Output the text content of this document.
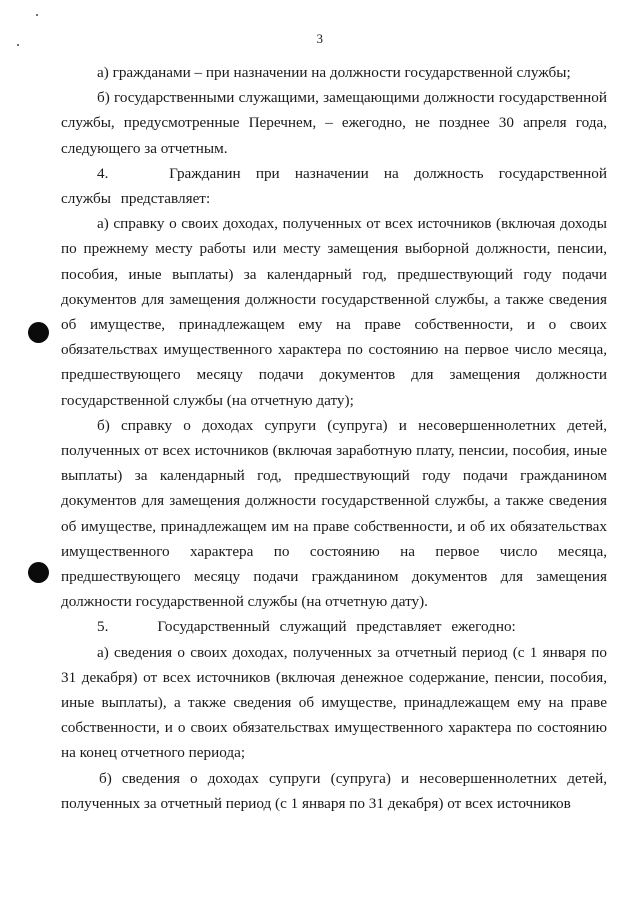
3

а) гражданами – при назначении на должности государственной службы;

б) государственными служащими, замещающими должности государственной службы, предусмотренные Перечнем, – ежегодно, не позднее 30 апреля года, следующего за отчетным.

4.    Гражданин при назначении на должность государственной службы представляет:

а) справку о своих доходах, полученных от всех источников (включая доходы по прежнему месту работы или месту замещения выборной должности, пенсии, пособия, иные выплаты) за календарный год, предшествующий году подачи документов для замещения должности государственной службы, а также сведения об имуществе, принадлежащем ему на праве собственности, и о своих обязательствах имущественного характера по состоянию на первое число месяца, предшествующего месяцу подачи документов для замещения должности государственной службы (на отчетную дату);

б) справку о доходах супруги (супруга) и несовершеннолетних детей, полученных от всех источников (включая заработную плату, пенсии, пособия, иные выплаты) за календарный год, предшествующий году подачи гражданином документов для замещения должности государственной службы, а также сведения об имуществе, принадлежащем им на праве собственности, и об их обязательствах имущественного характера по состоянию на первое число месяца, предшествующего месяцу подачи гражданином документов для замещения должности государственной службы (на отчетную дату).

5.     Государственный служащий представляет ежегодно:

а) сведения о своих доходах, полученных за отчетный период (с 1 января по 31 декабря) от всех источников (включая денежное содержание, пенсии, пособия, иные выплаты), а также сведения об имуществе, принадлежащем ему на праве собственности, и о своих обязательствах имущественного характера по состоянию на конец отчетного периода;

б) сведения о доходах супруги (супруга) и несовершеннолетних детей, полученных за отчетный период (с 1 января по 31 декабря) от всех источников
